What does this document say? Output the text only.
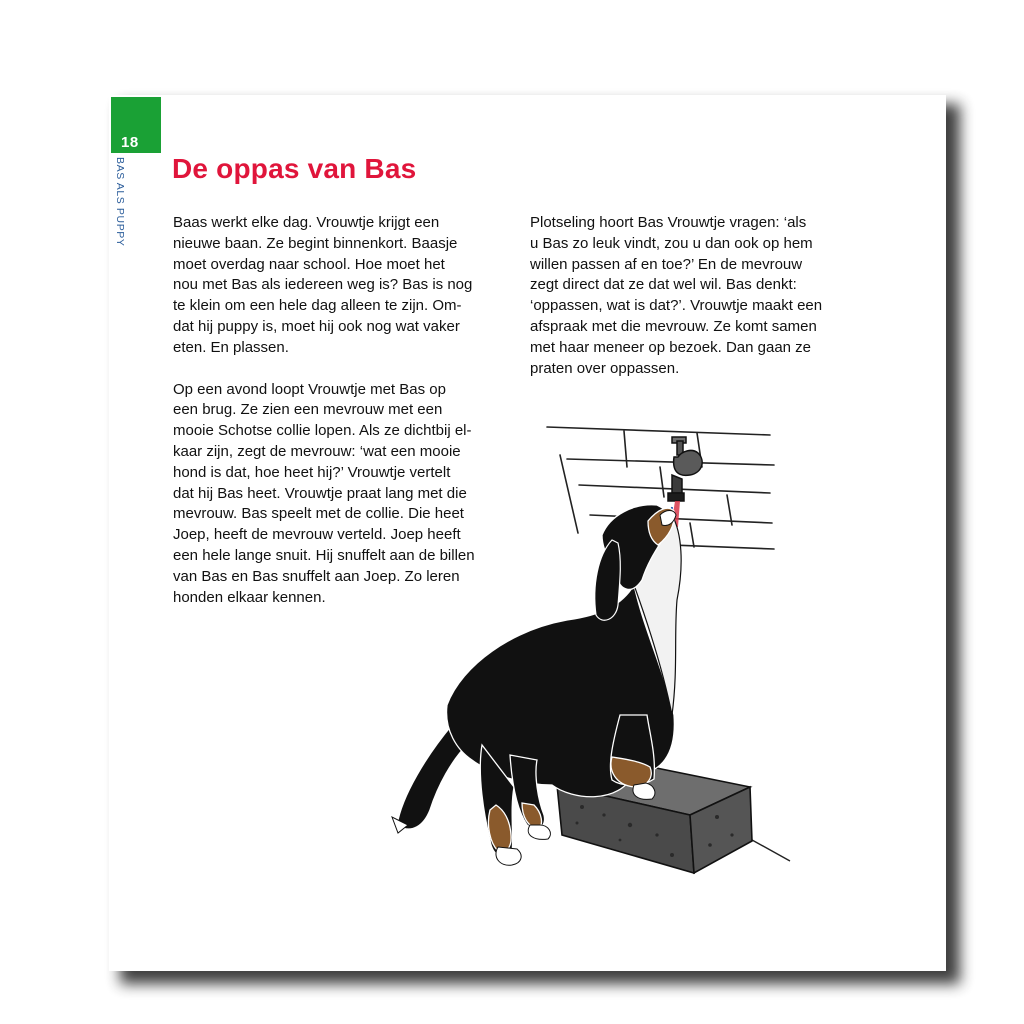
18
BAS ALS PUPPY De oppas van Bas

Baas werkt elke dag. Vrouwtje krijgt een
nieuwe baan. Ze begint binnenkort. Baasje
moet overdag naar school. Hoe moet het
nou met Bas als iedereen weg is? Bas is nog
te klein om een hele dag alleen te zijn. Om-
dat hij puppy is, moet hij ook nog wat vaker
eten. En plassen.

Op een avond loopt Vrouwtje met Bas op
een brug. Ze zien een mevrouw met een
mooie Schotse collie lopen. Als ze dichtbij el-
kaar zijn, zegt de mevrouw: ‘wat een mooie
hond is dat, hoe heet hij?’ Vrouwtje vertelt
dat hij Bas heet. Vrouwtje praat lang met die
mevrouw. Bas speelt met de collie. Die heet
Joep, heeft de mevrouw verteld. Joep heeft
een hele lange snuit. Hij snuffelt aan de billen
van Bas en Bas snuffelt aan Joep. Zo leren
honden elkaar kennen.

Plotseling hoort Bas Vrouwtje vragen: ‘als
u Bas zo leuk vindt, zou u dan ook op hem
willen passen af en toe?’ En de mevrouw
zegt direct dat ze dat wel wil. Bas denkt:
‘oppassen, wat is dat?’. Vrouwtje maakt een
afspraak met die mevrouw. Ze komt samen
met haar meneer op bezoek. Dan gaan ze
praten over oppassen.
